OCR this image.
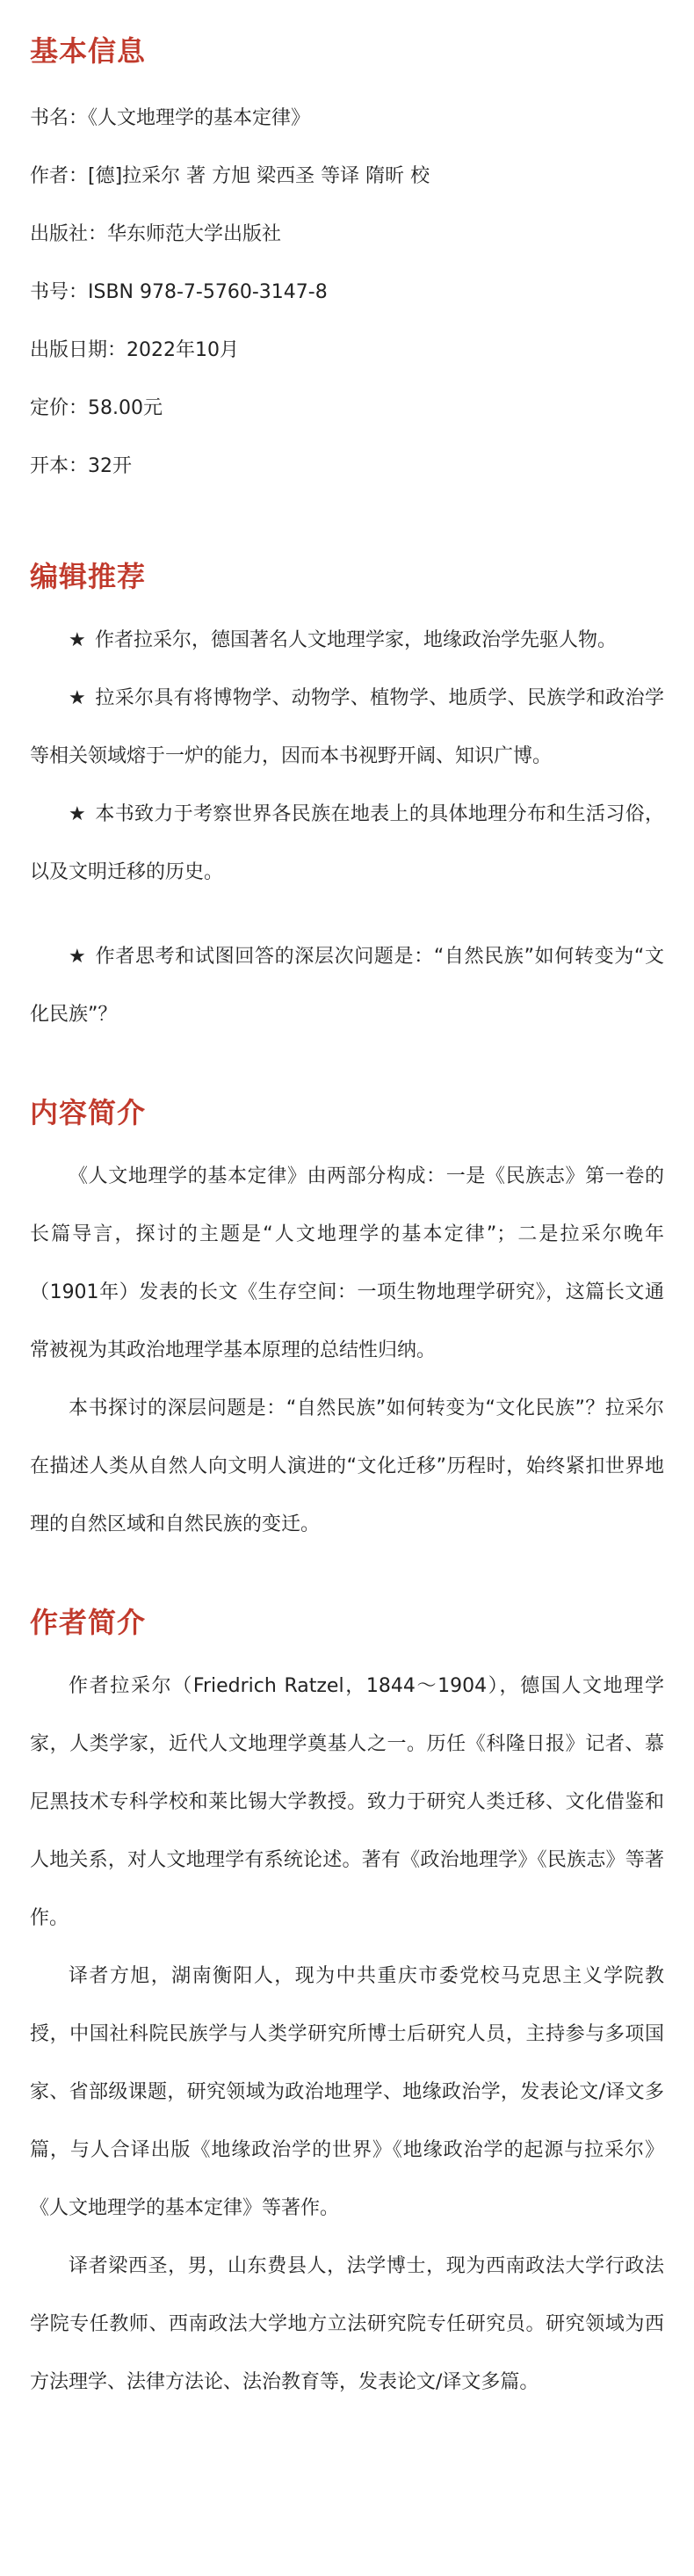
基本信息
书名：《人文地理学的基本定律》
作者：[德]拉采尔 著 方旭 梁西圣 等译 隋昕 校
出版社：华东师范大学出版社
书号：ISBN 978-7-5760-3147-8
出版日期：2022年10月
定价：58.00元
开本：32开
编辑推荐

★ 作者拉采尔，德国著名人文地理学家，地缘政治学先驱人物。

★ 拉采尔具有将博物学、动物学、植物学、地质学、民族学和政治学等相关领域熔于一炉的能力，因而本书视野开阔、知识广博。

★ 本书致力于考察世界各民族在地表上的具体地理分布和生活习俗，以及文明迁移的历史。

★ 作者思考和试图回答的深层次问题是：“自然民族”如何转变为“文化民族”？

内容简介

《人文地理学的基本定律》由两部分构成：一是《民族志》第一卷的长篇导言，探讨的主题是“人文地理学的基本定律”；二是拉采尔晚年（1901年）发表的长文《生存空间：一项生物地理学研究》，这篇长文通常被视为其政治地理学基本原理的总结性归纳。

本书探讨的深层问题是：“自然民族”如何转变为“文化民族”？拉采尔在描述人类从自然人向文明人演进的“文化迁移”历程时，始终紧扣世界地理的自然区域和自然民族的变迁。

作者简介

作者拉采尔（Friedrich Ratzel，1844～1904），德国人文地理学家，人类学家，近代人文地理学奠基人之一。历任《科隆日报》记者、慕尼黑技术专科学校和莱比锡大学教授。致力于研究人类迁移、文化借鉴和人地关系，对人文地理学有系统论述。著有《政治地理学》《民族志》等著作。

译者方旭，湖南衡阳人，现为中共重庆市委党校马克思主义学院教授，中国社科院民族学与人类学研究所博士后研究人员，主持参与多项国家、省部级课题，研究领域为政治地理学、地缘政治学，发表论文/译文多篇，与人合译出版《地缘政治学的世界》《地缘政治学的起源与拉采尔》《人文地理学的基本定律》等著作。

译者梁西圣，男，山东费县人，法学博士，现为西南政法大学行政法学院专任教师、西南政法大学地方立法研究院专任研究员。研究领域为西方法理学、法律方法论、法治教育等，发表论文/译文多篇。
